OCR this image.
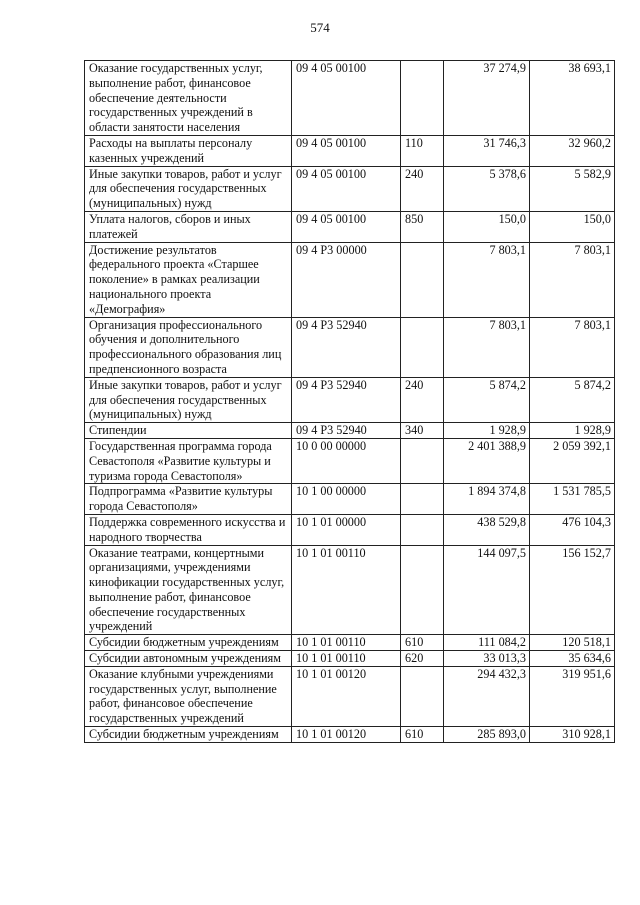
574
Оказание государственных услуг, выполнение работ, финансовое обеспечение деятельности государственных учреждений в области занятости населения	09 4 05 00100		37 274,9	38 693,1
Расходы на выплаты персоналу казенных учреждений	09 4 05 00100	110	31 746,3	32 960,2
Иные закупки товаров, работ и услуг для обеспечения государственных (муниципальных) нужд	09 4 05 00100	240	5 378,6	5 582,9
Уплата налогов, сборов и иных платежей	09 4 05 00100	850	150,0	150,0
Достижение результатов федерального проекта «Старшее поколение» в рамках реализации национального проекта «Демография»	09 4 P3 00000		7 803,1	7 803,1
Организация профессионального обучения и дополнительного профессионального образования лиц предпенсионного возраста	09 4 P3 52940		7 803,1	7 803,1
Иные закупки товаров, работ и услуг для обеспечения государственных (муниципальных) нужд	09 4 P3 52940	240	5 874,2	5 874,2
Стипендии	09 4 P3 52940	340	1 928,9	1 928,9
Государственная программа города Севастополя «Развитие культуры и туризма города Севастополя»	10 0 00 00000		2 401 388,9	2 059 392,1
Подпрограмма «Развитие культуры города Севастополя»	10 1 00 00000		1 894 374,8	1 531 785,5
Поддержка современного искусства и народного творчества	10 1 01 00000		438 529,8	476 104,3
Оказание театрами, концертными организациями, учреждениями кинофикации государственных услуг, выполнение работ, финансовое обеспечение государственных учреждений	10 1 01 00110		144 097,5	156 152,7
Субсидии бюджетным учреждениям	10 1 01 00110	610	111 084,2	120 518,1
Субсидии автономным учреждениям	10 1 01 00110	620	33 013,3	35 634,6
Оказание клубными учреждениями государственных услуг, выполнение работ, финансовое обеспечение государственных учреждений	10 1 01 00120		294 432,3	319 951,6
Субсидии бюджетным учреждениям	10 1 01 00120	610	285 893,0	310 928,1
